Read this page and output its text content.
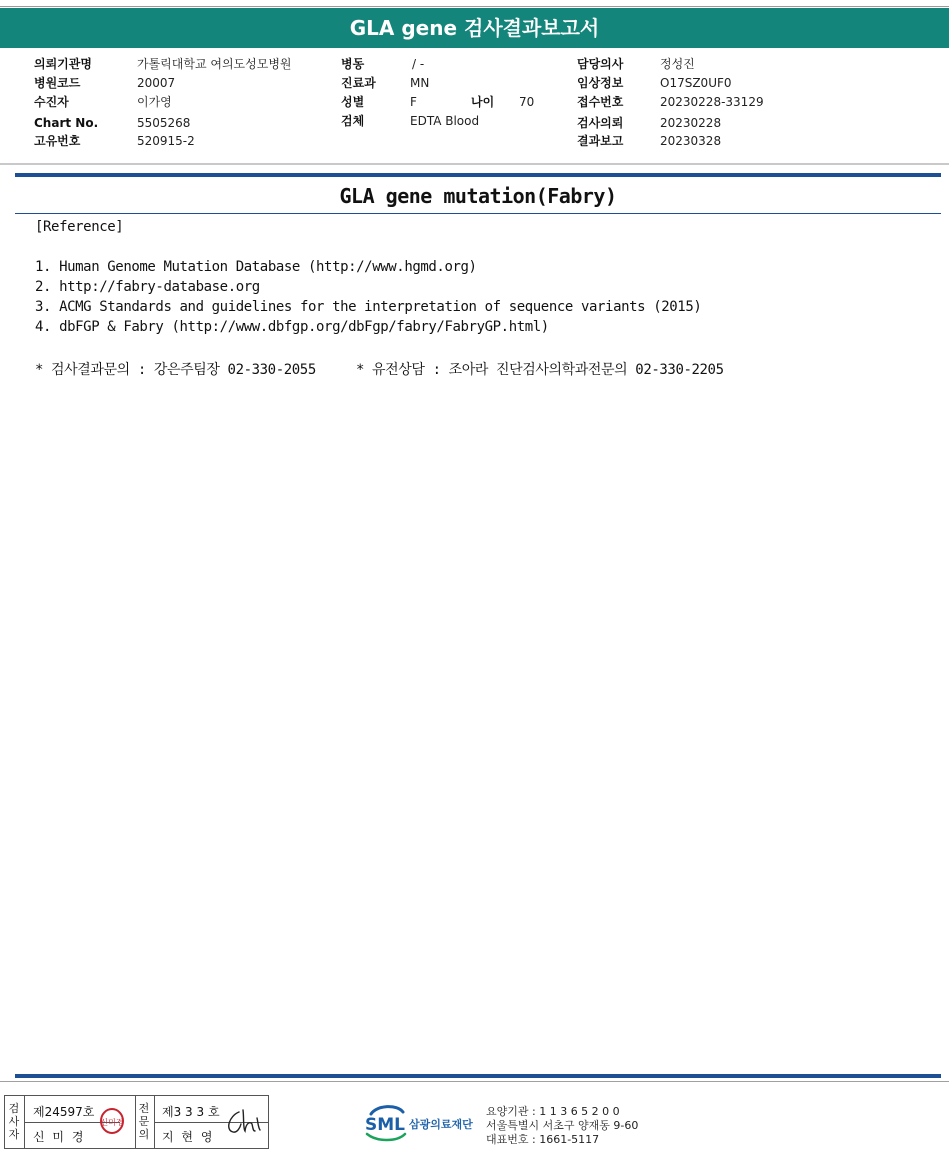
GLA gene 검사결과보고서
의뢰기관명	가톨릭대학교 여의도성모병원
병원코드	20007
수진자	이가영
Chart No.	5505268
고유번호	520915-2
병동	/ -
진료과	MN
성별	F	나이 70
검체	EDTA Blood
담당의사	정성진
임상정보	O17SZ0UF0
접수번호	20230228-33129
검사의뢰	20230228
결과보고	20230328
GLA gene mutation(Fabry)
[Reference]
1. Human Genome Mutation Database (http://www.hgmd.org)
2. http://fabry-database.org
3. ACMG Standards and guidelines for the interpretation of sequence variants (2015)
4. dbFGP & Fabry (http://www.dbfgp.org/dbFgp/fabry/FabryGP.html)
* 검사결과문의 : 강은주팀장 02-330-2055     * 유전상담 : 조아라 진단검사의학과전문의 02-330-2205
검사자
제24597호
신 미 경
신미경
전문의
제3 3 3 호
지 현 영
SML 삼광의료재단
요양기관 : 1 1 3 6 5 2 0 0
서울특별시 서초구 양재동 9-60
대표번호 : 1661-5117
